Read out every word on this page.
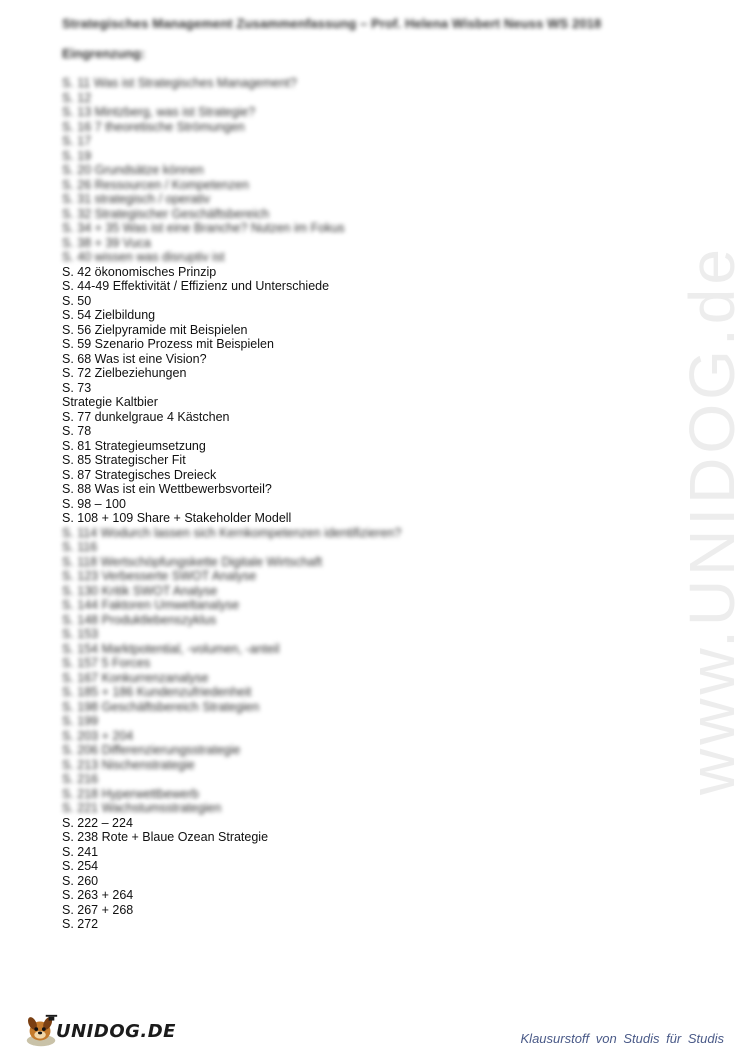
www.UNIDOG.de
Strategisches Management Zusammenfassung – Prof. Helena Wisbert Neuss WS 2018
Eingrenzung:
S. 11 Was ist Strategisches Management?
S. 12
S. 13 Mintzberg, was ist Strategie?
S. 16 7 theoretische Strömungen
S. 17
S. 19
S. 20 Grundsätze können
S. 26 Ressourcen / Kompetenzen
S. 31 strategisch / operativ
S. 32 Strategischer Geschäftsbereich
S. 34 + 35 Was ist eine Branche? Nutzen im Fokus
S. 38 + 39 Vuca
S. 40 wissen was disruptiv ist
S. 42 ökonomisches Prinzip
S. 44-49 Effektivität / Effizienz und Unterschiede
S. 50
S. 54 Zielbildung
S. 56 Zielpyramide mit Beispielen
S. 59 Szenario Prozess mit Beispielen
S. 68 Was ist eine Vision?
S. 72 Zielbeziehungen
S. 73
Strategie Kaltbier
S. 77 dunkelgraue 4 Kästchen
S. 78
S. 81 Strategieumsetzung
S. 85 Strategischer Fit
S. 87 Strategisches Dreieck
S. 88 Was ist ein Wettbewerbsvorteil?
S. 98 – 100
S. 108 + 109 Share + Stakeholder Modell
S. 114 Wodurch lassen sich Kernkompetenzen identifizieren?
S. 116
S. 118 Wertschöpfungskette Digitale Wirtschaft
S. 123 Verbesserte SWOT Analyse
S. 130 Kritik SWOT Analyse
S. 144 Faktoren Umweltanalyse
S. 148 Produktlebenszyklus
S. 153
S. 154 Marktpotential, -volumen, -anteil
S. 157 5 Forces
S. 167 Konkurrenzanalyse
S. 185 + 186 Kundenzufriedenheit
S. 198 Geschäftsbereich Strategien
S. 199
S. 203 + 204
S. 206 Differenzierungsstrategie
S. 213 Nischenstrategie
S. 216
S. 218 Hyperwettbewerb
S. 221 Wachstumsstrategien
S. 222 – 224
S. 238 Rote + Blaue Ozean Strategie
S. 241
S. 254
S. 260
S. 263 + 264
S. 267 + 268
S. 272
UNIDOG.DE	Klausurstoff von Studis für Studis
